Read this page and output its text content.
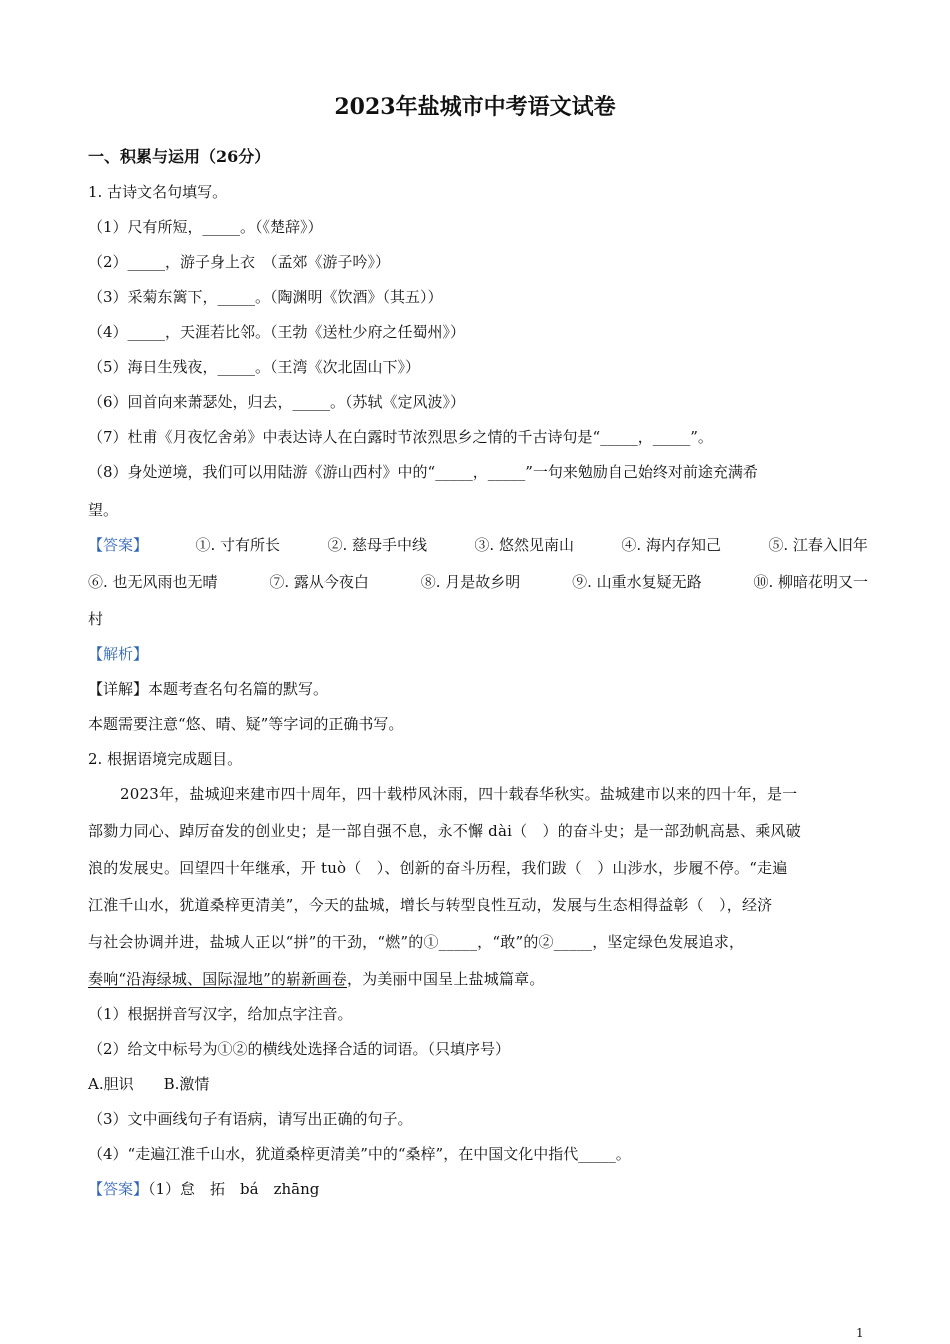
2023年盐城市中考语文试卷
一、积累与运用（26分）
1. 古诗文名句填写。
（1）尺有所短，_____。（《楚辞》）
（2）_____，游子身上衣　（孟郊《游子吟》）
（3）采菊东篱下，_____。（陶渊明《饮酒》（其五））
（4）_____，天涯若比邻。（王勃《送杜少府之任蜀州》）
（5）海日生残夜，_____。（王湾《次北固山下》）
（6）回首向来萧瑟处，归去，_____。（苏轼《定风波》）
（7）杜甫《月夜忆舍弟》中表达诗人在白露时节浓烈思乡之情的千古诗句是“_____，_____”。
（8）身处逆境，我们可以用陆游《游山西村》中的“_____，_____”一句来勉励自己始终对前途充满希
望。
【答案】	①. 寸有所长	②. 慈母手中线	③. 悠然见南山	④. 海内存知己	⑤. 江春入旧年
⑥. 也无风雨也无晴	⑦. 露从今夜白	⑧. 月是故乡明	⑨. 山重水复疑无路	⑩. 柳暗花明又一
村
【解析】
【详解】本题考查名句名篇的默写。
本题需要注意“悠、晴、疑”等字词的正确书写。
2. 根据语境完成题目。
2023年，盐城迎来建市四十周年，四十载栉风沐雨，四十载春华秋实。盐城建市以来的四十年，是一
部勠力同心、踔厉奋发的创业史；是一部自强不息，永不懈 dài（　）的奋斗史；是一部劲帆高悬、乘风破
浪的发展史。回望四十年继承，开 tuò（　）、创新的奋斗历程，我们跋（　）山涉水，步履不停。“走遍
江淮千山水，犹道桑梓更清美”，今天的盐城，增长与转型良性互动，发展与生态相得益彰（　），经济
与社会协调并进，盐城人正以“拼”的干劲，“燃”的①_____，“敢”的②_____，坚定绿色发展追求，
奏响“沿海绿城、国际湿地”的崭新画卷，为美丽中国呈上盐城篇章。
（1）根据拼音写汉字，给加点字注音。
（2）给文中标号为①②的横线处选择合适的词语。（只填序号）
A.胆识　　B.激情
（3）文中画线句子有语病，请写出正确的句子。
（4）“走遍江淮千山水，犹道桑梓更清美”中的“桑梓”，在中国文化中指代_____。
【答案】（1）怠　拓　bá　zhāng
1
